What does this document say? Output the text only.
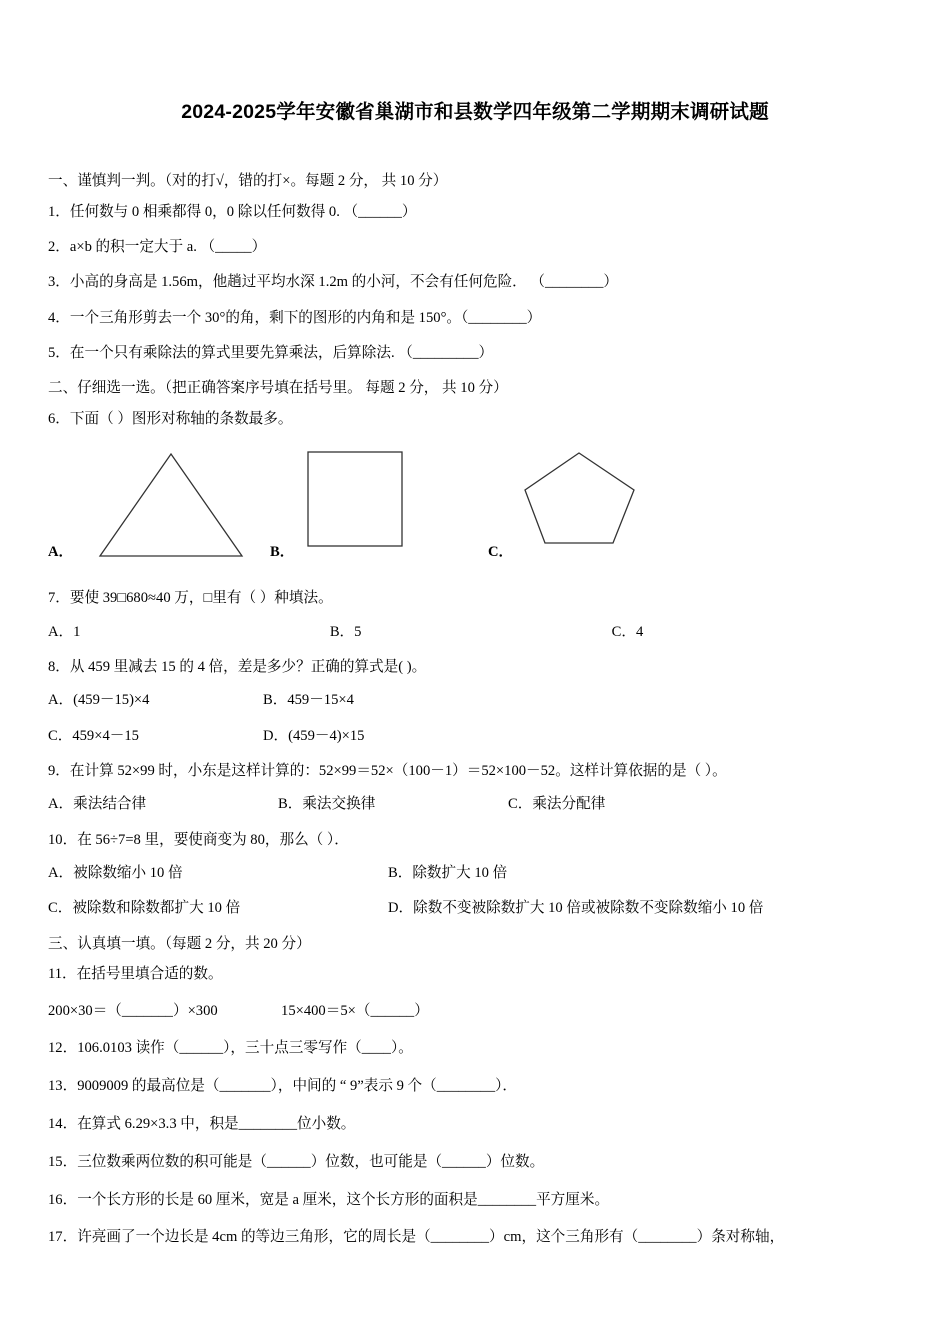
2024-2025学年安徽省巢湖市和县数学四年级第二学期期末调研试题
一、谨慎判一判。（对的打√，错的打×。每题 2 分， 共 10 分）
1．任何数与 0 相乘都得 0，0 除以任何数得 0. （______）
2．a×b 的积一定大于 a. （_____）
3．小高的身高是 1.56m，他趟过平均水深 1.2m 的小河，不会有任何危险． （________）
4．一个三角形剪去一个 30°的角，剩下的图形的内角和是 150°。（________）
5．在一个只有乘除法的算式里要先算乘法，后算除法. （_________）
二、仔细选一选。（把正确答案序号填在括号里。 每题 2 分， 共 10 分）
6．下面（ ）图形对称轴的条数最多。
A．	B．	C．
7．要使 39□680≈40 万，□里有（ ）种填法。
A．1	B．5	C．4
8．从 459 里减去 15 的 4 倍，差是多少？正确的算式是( )。
A．(459－15)×4	B．459－15×4
C．459×4－15	D．(459－4)×15
9．在计算 52×99 时，小东是这样计算的：52×99＝52×（100－1）＝52×100－52。这样计算依据的是（ ）。
A．乘法结合律	B．乘法交换律	C．乘法分配律
10．在 56÷7=8 里，要使商变为 80，那么（ ）．
A．被除数缩小 10 倍	B．除数扩大 10 倍
C．被除数和除数都扩大 10 倍	D．除数不变被除数扩大 10 倍或被除数不变除数缩小 10 倍
三、认真填一填。（每题 2 分，共 20 分）
11．在括号里填合适的数。
200×30＝（_______）×300	15×400＝5×（______）
12．106.0103 读作（______），三十点三零写作（____）。
13．9009009 的最高位是（_______），中间的 “ 9”表示 9 个（________）．
14．在算式 6.29×3.3 中，积是________位小数。
15．三位数乘两位数的积可能是（______）位数，也可能是（______）位数。
16．一个长方形的长是 60 厘米，宽是 a 厘米，这个长方形的面积是________平方厘米。
17．许亮画了一个边长是 4cm 的等边三角形，它的周长是（________）cm，这个三角形有（________）条对称轴，
